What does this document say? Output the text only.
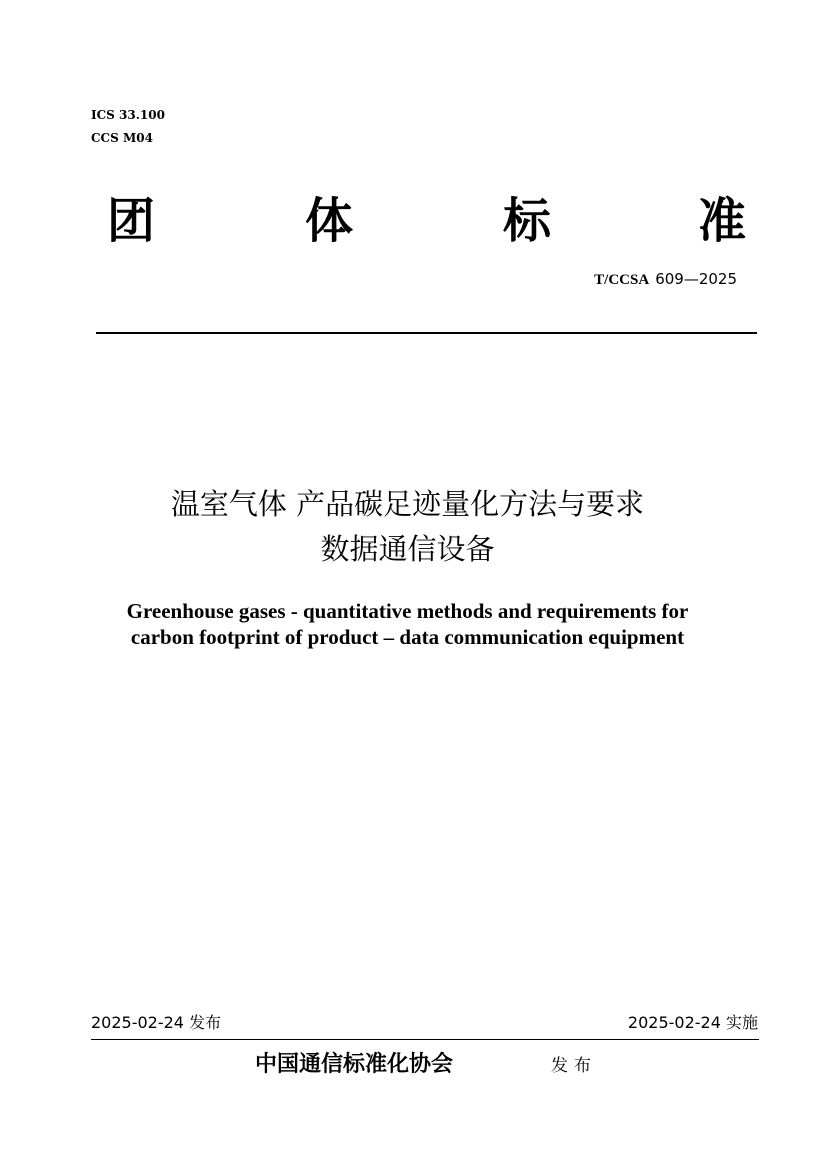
ICS 33.100
CCS M04
团	体	标	准
T/CCSA 609—2025
温室气体 产品碳足迹量化方法与要求
数据通信设备
Greenhouse gases - quantitative methods and requirements for
carbon footprint of product – data communication equipment
2025-02-24 发布	2025-02-24 实施
中国通信标准化协会	发布
